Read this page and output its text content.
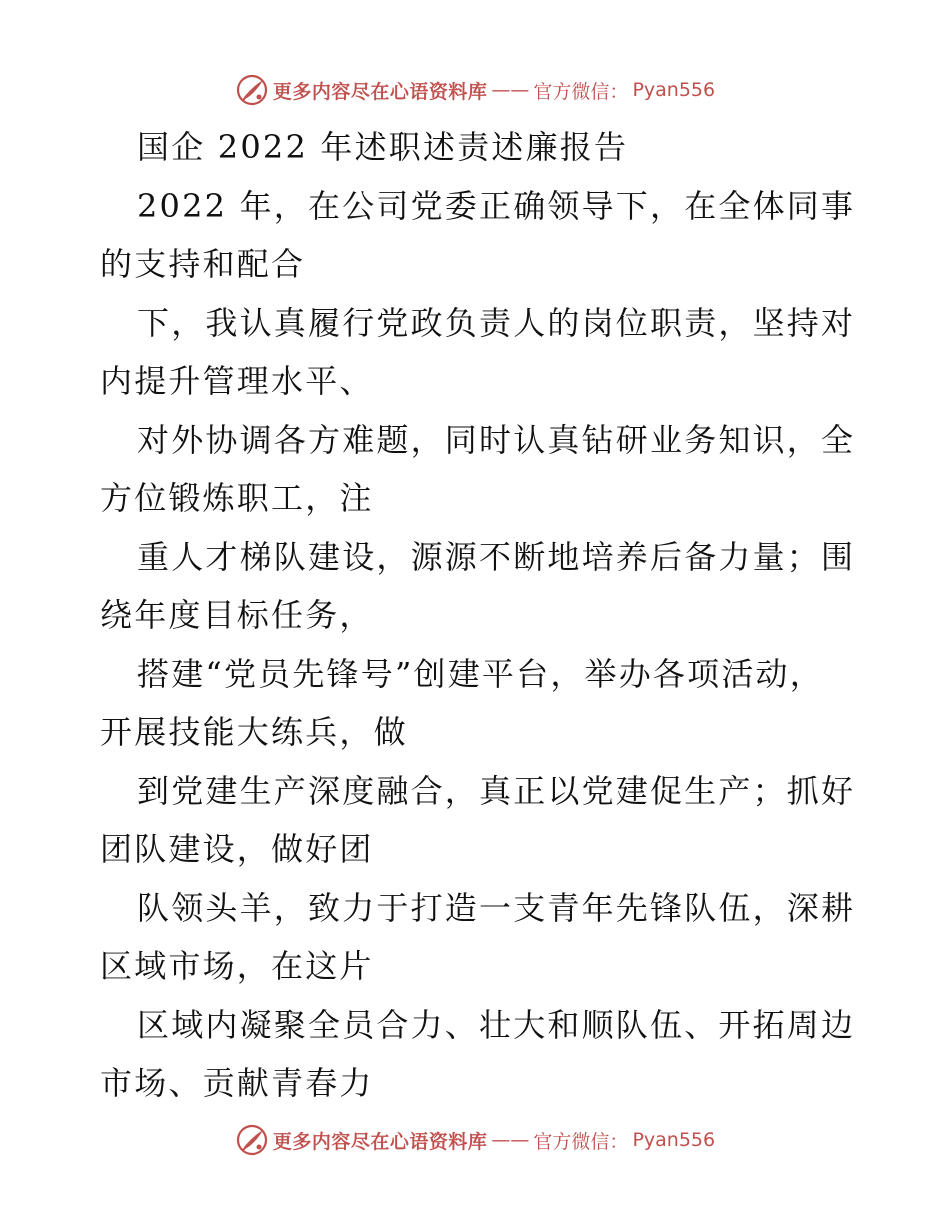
更多内容尽在心语资料库 —— 官方微信： Pyan556
国企 2022 年述职述责述廉报告
2022 年，在公司党委正确领导下，在全体同事
的支持和配合
下，我认真履行党政负责人的岗位职责，坚持对
内提升管理水平、
对外协调各方难题，同时认真钻研业务知识，全
方位锻炼职工，注
重人才梯队建设，源源不断地培养后备力量；围
绕年度目标任务，
搭建“党员先锋号”创建平台，举办各项活动，
开展技能大练兵，做
到党建生产深度融合，真正以党建促生产；抓好
团队建设，做好团
队领头羊，致力于打造一支青年先锋队伍，深耕
区域市场，在这片
区域内凝聚全员合力、壮大和顺队伍、开拓周边
市场、贡献青春力
更多内容尽在心语资料库 —— 官方微信： Pyan556
